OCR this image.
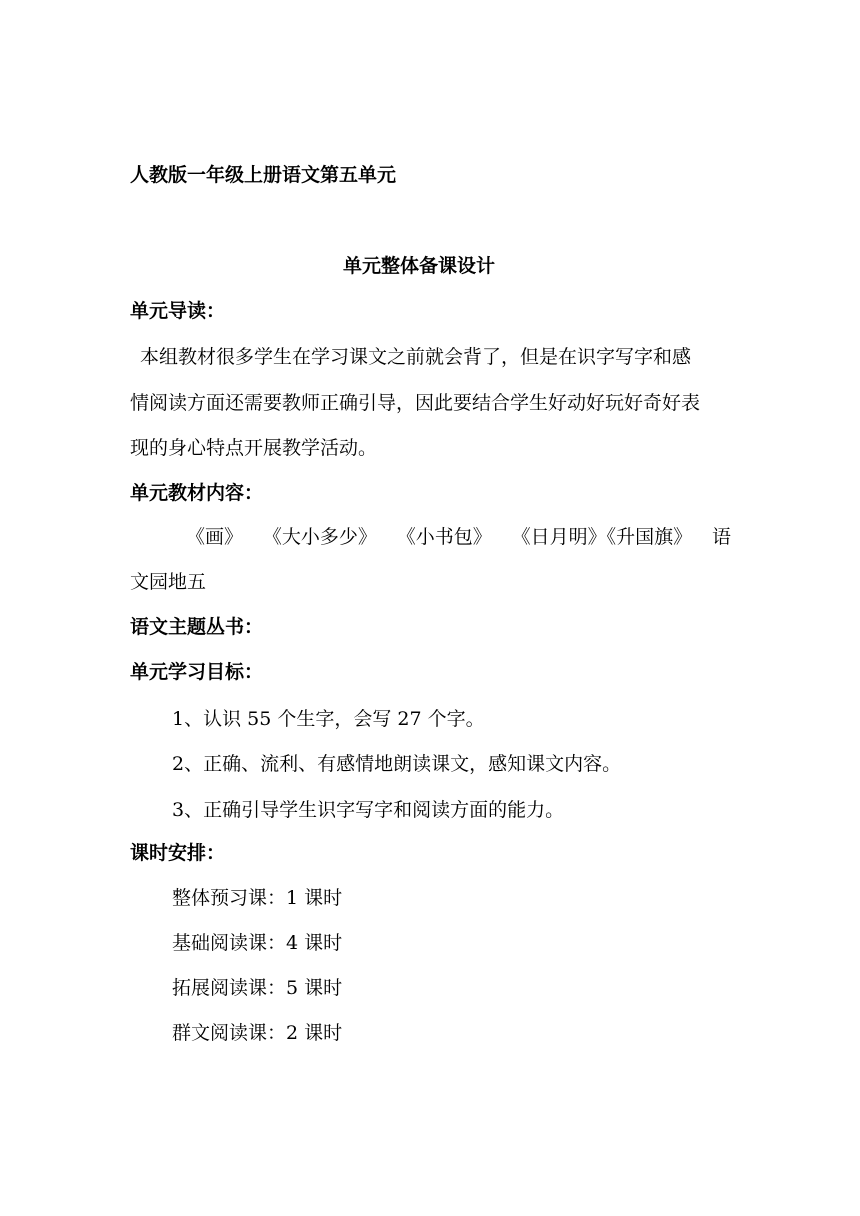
人教版一年级上册语文第五单元
单元整体备课设计
单元导读：
本组教材很多学生在学习课文之前就会背了，但是在识字写字和感
情阅读方面还需要教师正确引导，因此要结合学生好动好玩好奇好表
现的身心特点开展教学活动。
单元教材内容：
《画》 《大小多少》 《小书包》 《日月明》《升国旗》 语
文园地五
语文主题丛书：
单元学习目标：
1、认识 55 个生字，会写 27 个字。
2、正确、流利、有感情地朗读课文，感知课文内容。
3、正确引导学生识字写字和阅读方面的能力。
课时安排：
整体预习课：1 课时
基础阅读课：4 课时
拓展阅读课：5 课时
群文阅读课：2 课时
